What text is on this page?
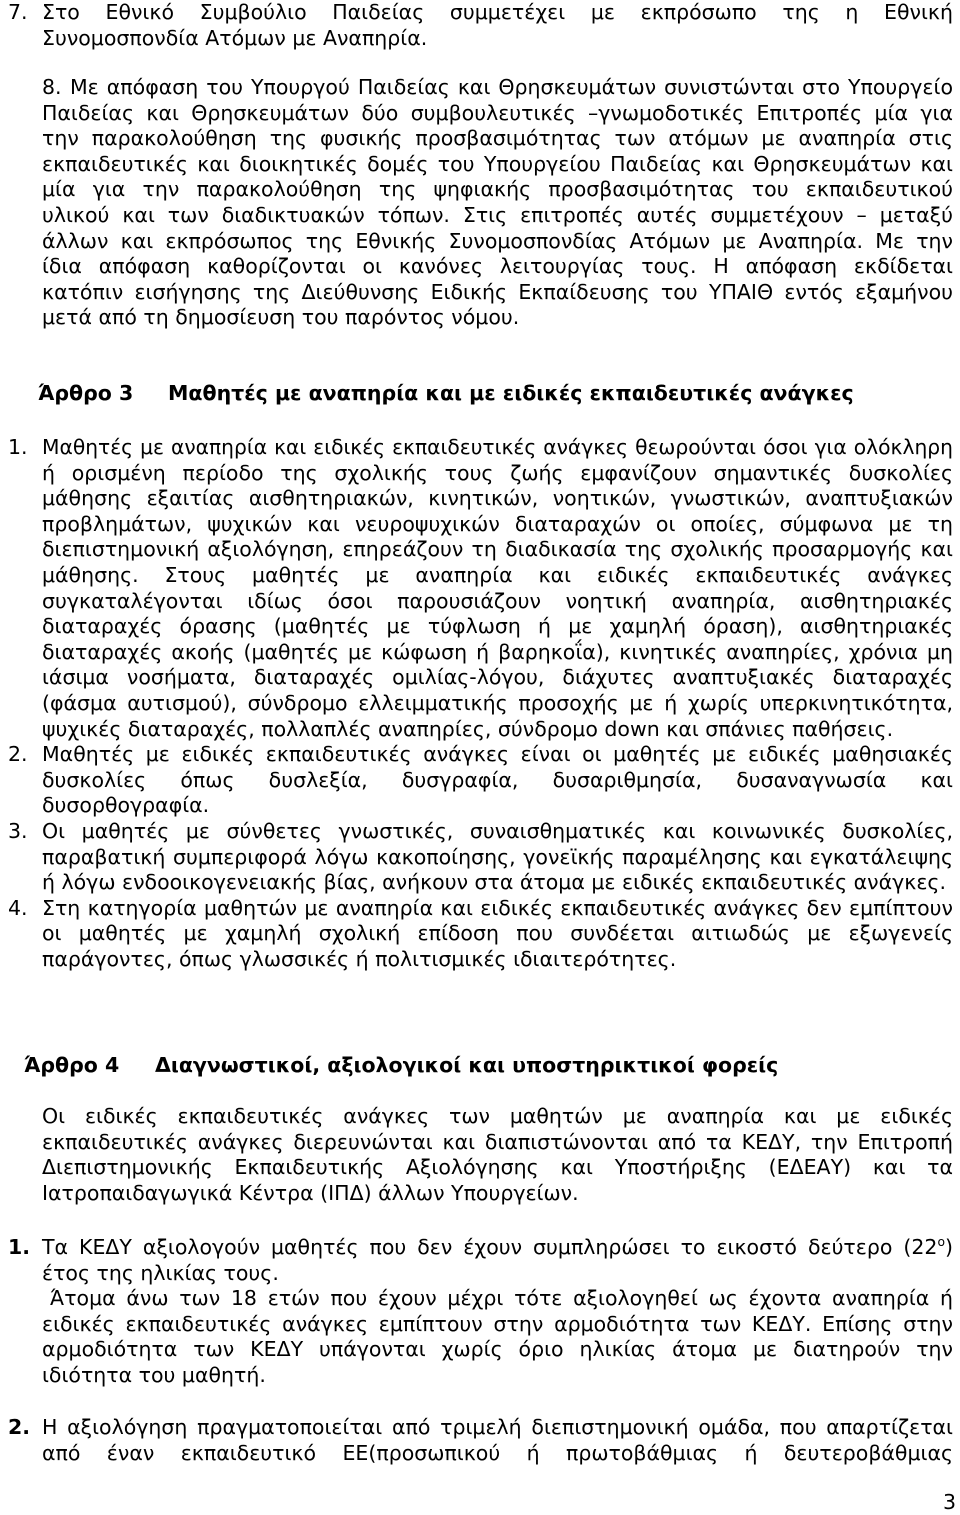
7. Στο Εθνικό Συμβούλιο Παιδείας συμμετέχει με εκπρόσωπο της η Εθνική
Συνομοσπονδία Ατόμων με Αναπηρία.
8. Με απόφαση του Υπουργού Παιδείας και Θρησκευμάτων συνιστώνται στο Υπουργείο
Παιδείας και Θρησκευμάτων δύο συμβουλευτικές –γνωμοδοτικές Επιτροπές μία για
την παρακολούθηση της φυσικής προσβασιμότητας των ατόμων με αναπηρία στις
εκπαιδευτικές και διοικητικές δομές του Υπουργείου Παιδείας και Θρησκευμάτων και
μία για την παρακολούθηση της ψηφιακής προσβασιμότητας του εκπαιδευτικού
υλικού και των διαδικτυακών τόπων. Στις επιτροπές αυτές συμμετέχουν – μεταξύ
άλλων και εκπρόσωπος της Εθνικής Συνομοσπονδίας Ατόμων με Αναπηρία. Με την
ίδια απόφαση καθορίζονται οι κανόνες λειτουργίας τους. Η απόφαση εκδίδεται
κατόπιν εισήγησης της Διεύθυνσης Ειδικής Εκπαίδευσης του ΥΠΑΙΘ εντός εξαμήνου
μετά από τη δημοσίευση του παρόντος νόμου.
Άρθρο 3 Μαθητές με αναπηρία και με ειδικές εκπαιδευτικές ανάγκες
1. Μαθητές με αναπηρία και ειδικές εκπαιδευτικές ανάγκες θεωρούνται όσοι για ολόκληρη
ή ορισμένη περίοδο της σχολικής τους ζωής εμφανίζουν σημαντικές δυσκολίες
μάθησης εξαιτίας αισθητηριακών, κινητικών, νοητικών, γνωστικών, αναπτυξιακών
προβλημάτων, ψυχικών και νευροψυχικών διαταραχών οι οποίες, σύμφωνα με τη
διεπιστημονική αξιολόγηση, επηρεάζουν τη διαδικασία της σχολικής προσαρμογής και
μάθησης. Στους μαθητές με αναπηρία και ειδικές εκπαιδευτικές ανάγκες
συγκαταλέγονται ιδίως όσοι παρουσιάζουν νοητική αναπηρία, αισθητηριακές
διαταραχές όρασης (μαθητές με τύφλωση ή με χαμηλή όραση), αισθητηριακές
διαταραχές ακοής (μαθητές με κώφωση ή βαρηκοΐα), κινητικές αναπηρίες, χρόνια μη
ιάσιμα νοσήματα, διαταραχές ομιλίας-λόγου, διάχυτες αναπτυξιακές διαταραχές
(φάσμα αυτισμού), σύνδρομο ελλειμματικής προσοχής με ή χωρίς υπερκινητικότητα,
ψυχικές διαταραχές, πολλαπλές αναπηρίες, σύνδρομο down και σπάνιες παθήσεις.
2. Μαθητές με ειδικές εκπαιδευτικές ανάγκες είναι οι μαθητές με ειδικές μαθησιακές
δυσκολίες όπως δυσλεξία, δυσγραφία, δυσαριθμησία, δυσαναγνωσία και
δυσορθογραφία.
3. Οι μαθητές με σύνθετες γνωστικές, συναισθηματικές και κοινωνικές δυσκολίες,
παραβατική συμπεριφορά λόγω κακοποίησης, γονεϊκής παραμέλησης και εγκατάλειψης
ή λόγω ενδοοικογενειακής βίας, ανήκουν στα άτομα με ειδικές εκπαιδευτικές ανάγκες.
4. Στη κατηγορία μαθητών με αναπηρία και ειδικές εκπαιδευτικές ανάγκες δεν εμπίπτουν
οι μαθητές με χαμηλή σχολική επίδοση που συνδέεται αιτιωδώς με εξωγενείς
παράγοντες, όπως γλωσσικές ή πολιτισμικές ιδιαιτερότητες.
Άρθρο 4 Διαγνωστικοί, αξιολογικοί και υποστηρικτικοί φορείς
Οι ειδικές εκπαιδευτικές ανάγκες των μαθητών με αναπηρία και με ειδικές
εκπαιδευτικές ανάγκες διερευνώνται και διαπιστώνονται από τα ΚΕΔΥ, την Επιτροπή
Διεπιστημονικής Εκπαιδευτικής Αξιολόγησης και Υποστήριξης (ΕΔΕΑΥ) και τα
Ιατροπαιδαγωγικά Κέντρα (ΙΠΔ) άλλων Υπουργείων.
1. Τα ΚΕΔΥ αξιολογούν μαθητές που δεν έχουν συμπληρώσει το εικοστό δεύτερο $(22^o)$
έτος της ηλικίας τους.
Άτομα άνω των 18 ετών που έχουν μέχρι τότε αξιολογηθεί ως έχοντα αναπηρία ή
ειδικές εκπαιδευτικές ανάγκες εμπίπτουν στην αρμοδιότητα των ΚΕΔΥ. Επίσης στην
αρμοδιότητα των ΚΕΔΥ υπάγονται χωρίς όριο ηλικίας άτομα με διατηρούν την
ιδιότητα του μαθητή.
2. Η αξιολόγηση πραγματοποιείται από τριμελή διεπιστημονική ομάδα, που απαρτίζεται
από έναν εκπαιδευτικό ΕΕ(προσωπικού ή πρωτοβάθμιας ή δευτεροβάθμιας
3
